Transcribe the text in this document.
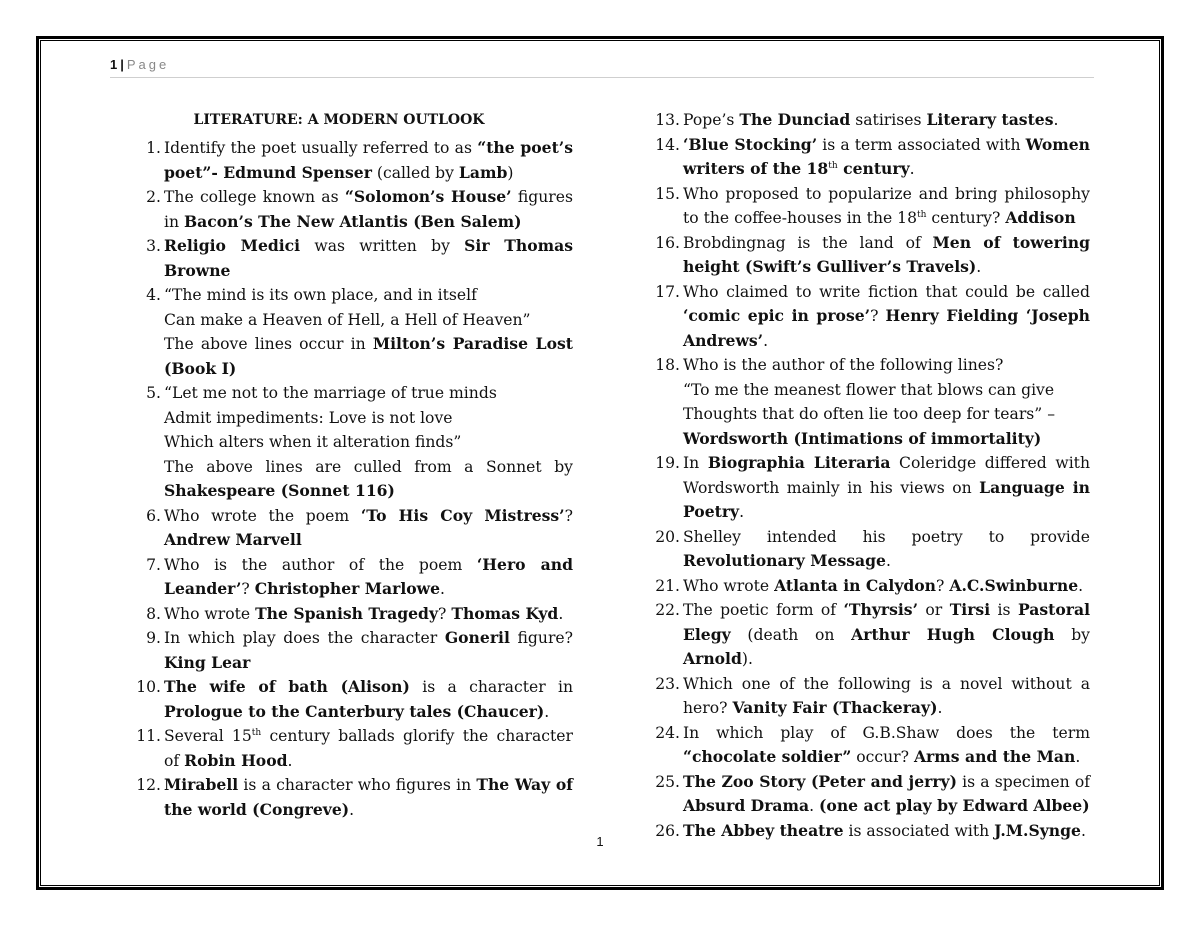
1 | Page
LITERATURE: A MODERN OUTLOOK
1. Identify the poet usually referred to as “the poet’s poet”- Edmund Spenser (called by Lamb)
2. The college known as “Solomon’s House’ figures in Bacon’s The New Atlantis (Ben Salem)
3. Religio Medici was written by Sir Thomas Browne
4. “The mind is its own place, and in itself
Can make a Heaven of Hell, a Hell of Heaven”
The above lines occur in Milton’s Paradise Lost (Book I)
5. “Let me not to the marriage of true minds
Admit impediments: Love is not love
Which alters when it alteration finds”
The above lines are culled from a Sonnet by Shakespeare (Sonnet 116)
6. Who wrote the poem ‘To His Coy Mistress’? Andrew Marvell
7. Who is the author of the poem ‘Hero and Leander’? Christopher Marlowe.
8. Who wrote The Spanish Tragedy? Thomas Kyd.
9. In which play does the character Goneril figure? King Lear
10. The wife of bath (Alison) is a character in Prologue to the Canterbury tales (Chaucer).
11. Several 15th century ballads glorify the character of Robin Hood.
12. Mirabell is a character who figures in The Way of the world (Congreve).
13. Pope’s The Dunciad satirises Literary tastes.
14. ‘Blue Stocking’ is a term associated with Women writers of the 18th century.
15. Who proposed to popularize and bring philosophy to the coffee-houses in the 18th century? Addison
16. Brobdingnag is the land of Men of towering height (Swift’s Gulliver’s Travels).
17. Who claimed to write fiction that could be called ‘comic epic in prose’? Henry Fielding ‘Joseph Andrews’.
18. Who is the author of the following lines?
“To me the meanest flower that blows can give
Thoughts that do often lie too deep for tears” –
Wordsworth (Intimations of immortality)
19. In Biographia Literaria Coleridge differed with Wordsworth mainly in his views on Language in Poetry.
20. Shelley intended his poetry to provide Revolutionary Message.
21. Who wrote Atlanta in Calydon? A.C.Swinburne.
22. The poetic form of ‘Thyrsis’ or Tirsi is Pastoral Elegy (death on Arthur Hugh Clough by Arnold).
23. Which one of the following is a novel without a hero? Vanity Fair (Thackeray).
24. In which play of G.B.Shaw does the term “chocolate soldier” occur? Arms and the Man.
25. The Zoo Story (Peter and jerry) is a specimen of Absurd Drama. (one act play by Edward Albee)
26. The Abbey theatre is associated with J.M.Synge.
1
